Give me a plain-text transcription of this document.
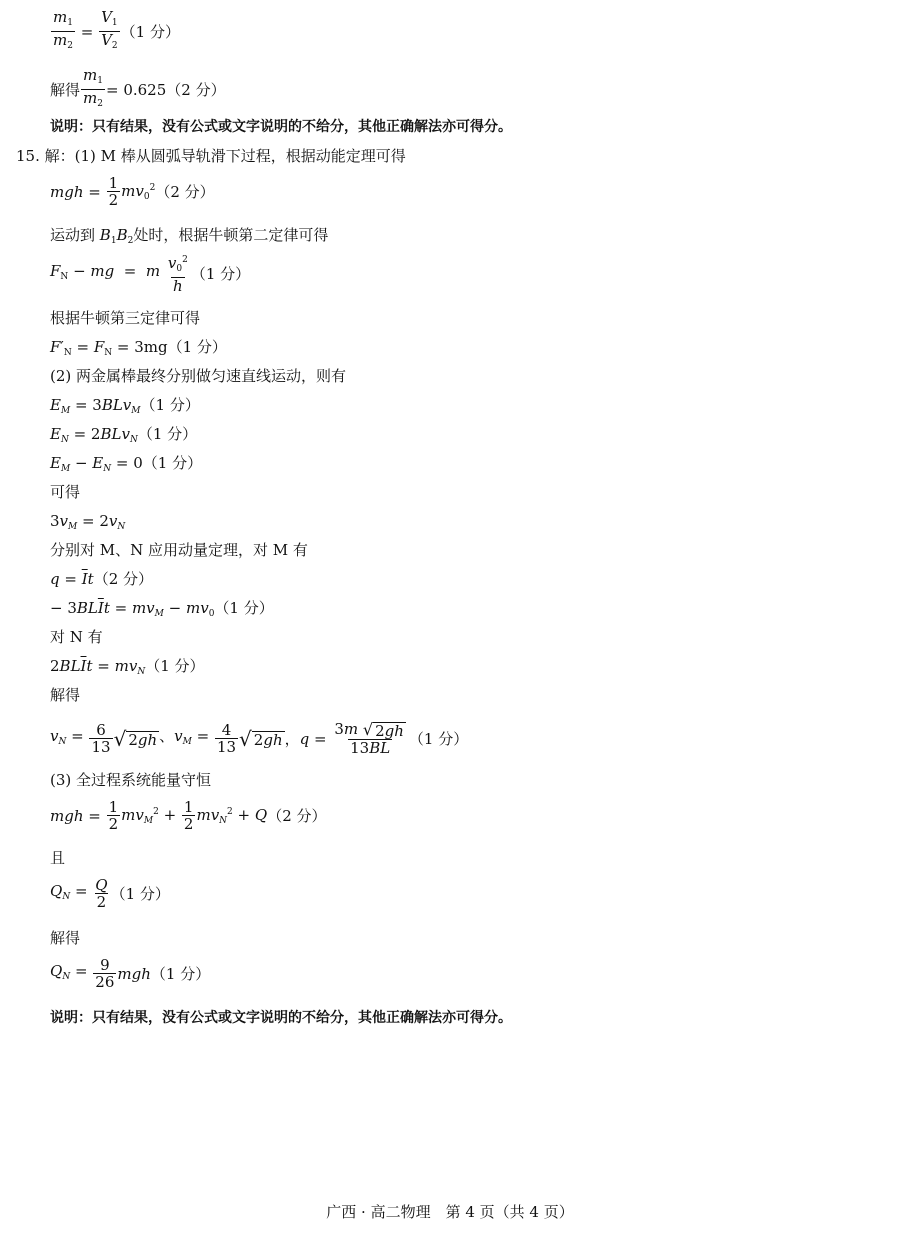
$\frac{m_1}{m_2} = \frac{V_1}{V_2} (1$ 分）
解得 $\frac{m_1}{m_2} = 0.625(2$ 分）
说明：只有结果，没有公式或文字说明的不给分，其他正确解法亦可得分。
15. 解：(1) M 棒从圆弧导轨滑下过程，根据动能定理可得
mgh = $\frac{1}{2} mv_0^2$ （2 分）
运动到 $B_1B_2$处时，根据牛顿第二定律可得
$F_N$ − mg  =  m $\frac{v_0^2}{h} (1$ 分）
根据牛顿第三定律可得
$F'_N = F_N = 3mg(1$ 分）
(2) 两金属棒最终分别做匀速直线运动，则有
$E_M = 3BLv_M(1$ 分）
$E_N = 2BLv_N(1$ 分）
$E_M - E_N = 0(1$ 分）
可得
$3v_M = 2v_N$
分别对 M、N 应用动量定理，对 M 有
$q = \overline{I}t(2$ 分）
− $3BL\overline{I}t = mv_M - mv_0(1$ 分）
对 N 有
$2BL\overline{I}t = mv_N(1$ 分）
解得
$v_N = \frac{6}{13}$ √ 2gh 、$v_M = \frac{4}{13}$ √ 2gh ，$q = \frac{3m √ 2gh}{13BL} (1$ 分）
(3) 全过程系统能量守恒
mgh = $\frac{1}{2} mv_M^2 + \frac{1}{2} mv_N^2 + Q$ （2 分）
且
$Q_N = \frac{Q}{2} (1$ 分）
解得
$Q_N = \frac{9}{26}$ mgh （1 分）
说明：只有结果，没有公式或文字说明的不给分，其他正确解法亦可得分。
广西 · 高二物理　第 4 页（共 4 页）
